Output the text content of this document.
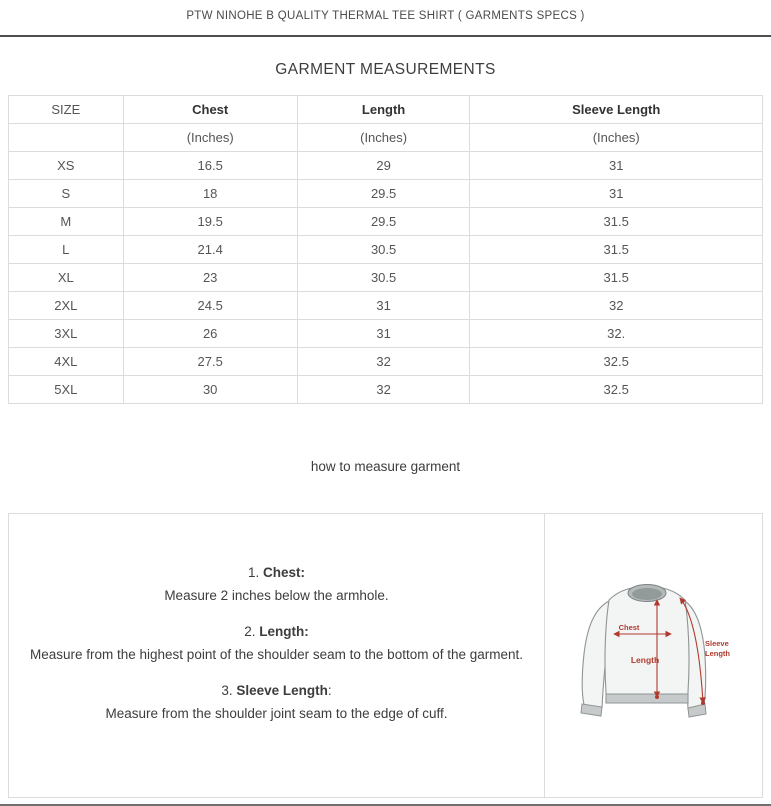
PTW NINOHE B QUALITY THERMAL TEE SHIRT ( GARMENTS SPECS )
GARMENT MEASUREMENTS
SIZE	Chest	Length	Sleeve Length
	(Inches)	(Inches)	(Inches)
XS	16.5	29	31
S	18	29.5	31
M	19.5	29.5	31.5
L	21.4	30.5	31.5
XL	23	30.5	31.5
2XL	24.5	31	32
3XL	26	31	32.
4XL	27.5	32	32.5
5XL	30	32	32.5
how to measure garment
1. Chest:
Measure 2 inches below the armhole.
2. Length:
Measure from the highest point of the shoulder seam to the bottom of the garment.
3. Sleeve Length:
Measure from the shoulder joint seam to the edge of cuff.
Chest
Length
Sleeve
Length
